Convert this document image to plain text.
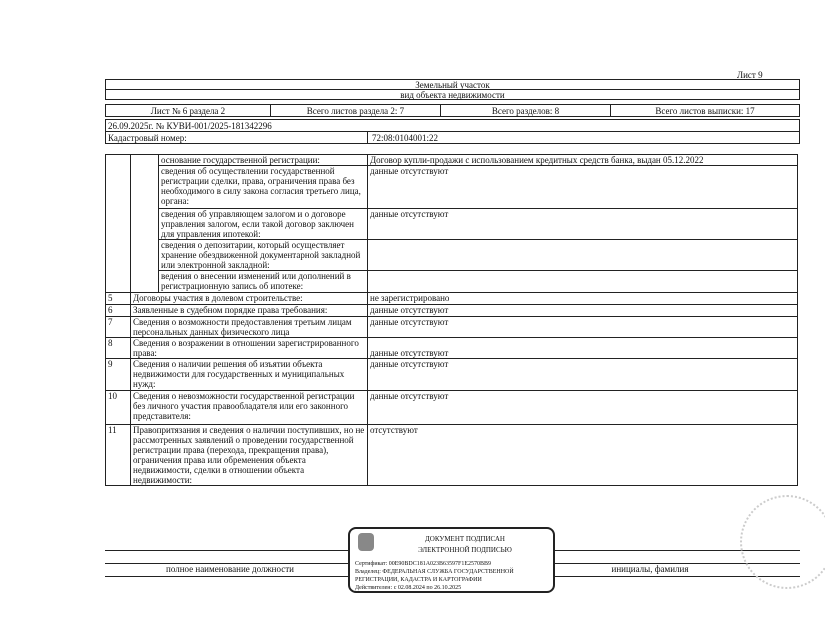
Лист 9
Земельный участок
вид объекта недвижимости
Лист № 6 раздела 2	Всего листов раздела 2: 7	Всего разделов: 8	Всего листов выписки: 17
26.09.2025г. № КУВИ-001/2025-181342296
Кадастровый номер:	72:08:0104001:22
		основание государственной регистрации:	Договор купли-продажи с использованием кредитных средств банка, выдан 05.12.2022
		сведения об осуществлении государственной регистрации сделки, права, ограничения права без необходимого в силу закона согласия третьего лица, органа:	данные отсутствуют
		сведения об управляющем залогом и о договоре управления залогом, если такой договор заключен для управления ипотекой:	данные отсутствуют
		сведения о депозитарии, который осуществляет хранение обездвиженной документарной закладной или электронной закладной:	
		ведения о внесении изменений или дополнений в регистрационную запись об ипотеке:	
5	Договоры участия в долевом строительстве:		не зарегистрировано
6	Заявленные в судебном порядке права требования:		данные отсутствуют
7	Сведения о возможности предоставления третьим лицам персональных данных физического лица		данные отсутствуют
8	Сведения о возражении в отношении зарегистрированного права:		данные отсутствуют
9	Сведения о наличии решения об изъятии объекта недвижимости для государственных и муниципальных нужд:		данные отсутствуют
10	Сведения о невозможности государственной регистрации без личного участия правообладателя или его законного представителя:		данные отсутствуют
11	Правопритязания и сведения о наличии поступивших, но не рассмотренных заявлений о проведении государственной регистрации права (перехода, прекращения права), ограничения права или обременения объекта недвижимости, сделки в отношении объекта недвижимости:		отсутствуют
полное наименование должности	инициалы, фамилия
ДОКУМЕНТ ПОДПИСАН
ЭЛЕКТРОННОЙ ПОДПИСЬЮ
Сертификат: 00E90BDC181A023B63597F1E2570BB9
Владелец: ФЕДЕРАЛЬНАЯ СЛУЖБА ГОСУДАРСТВЕННОЙ
РЕГИСТРАЦИИ, КАДАСТРА И КАРТОГРАФИИ
Действителен: с 02.08.2024 по 26.10.2025
